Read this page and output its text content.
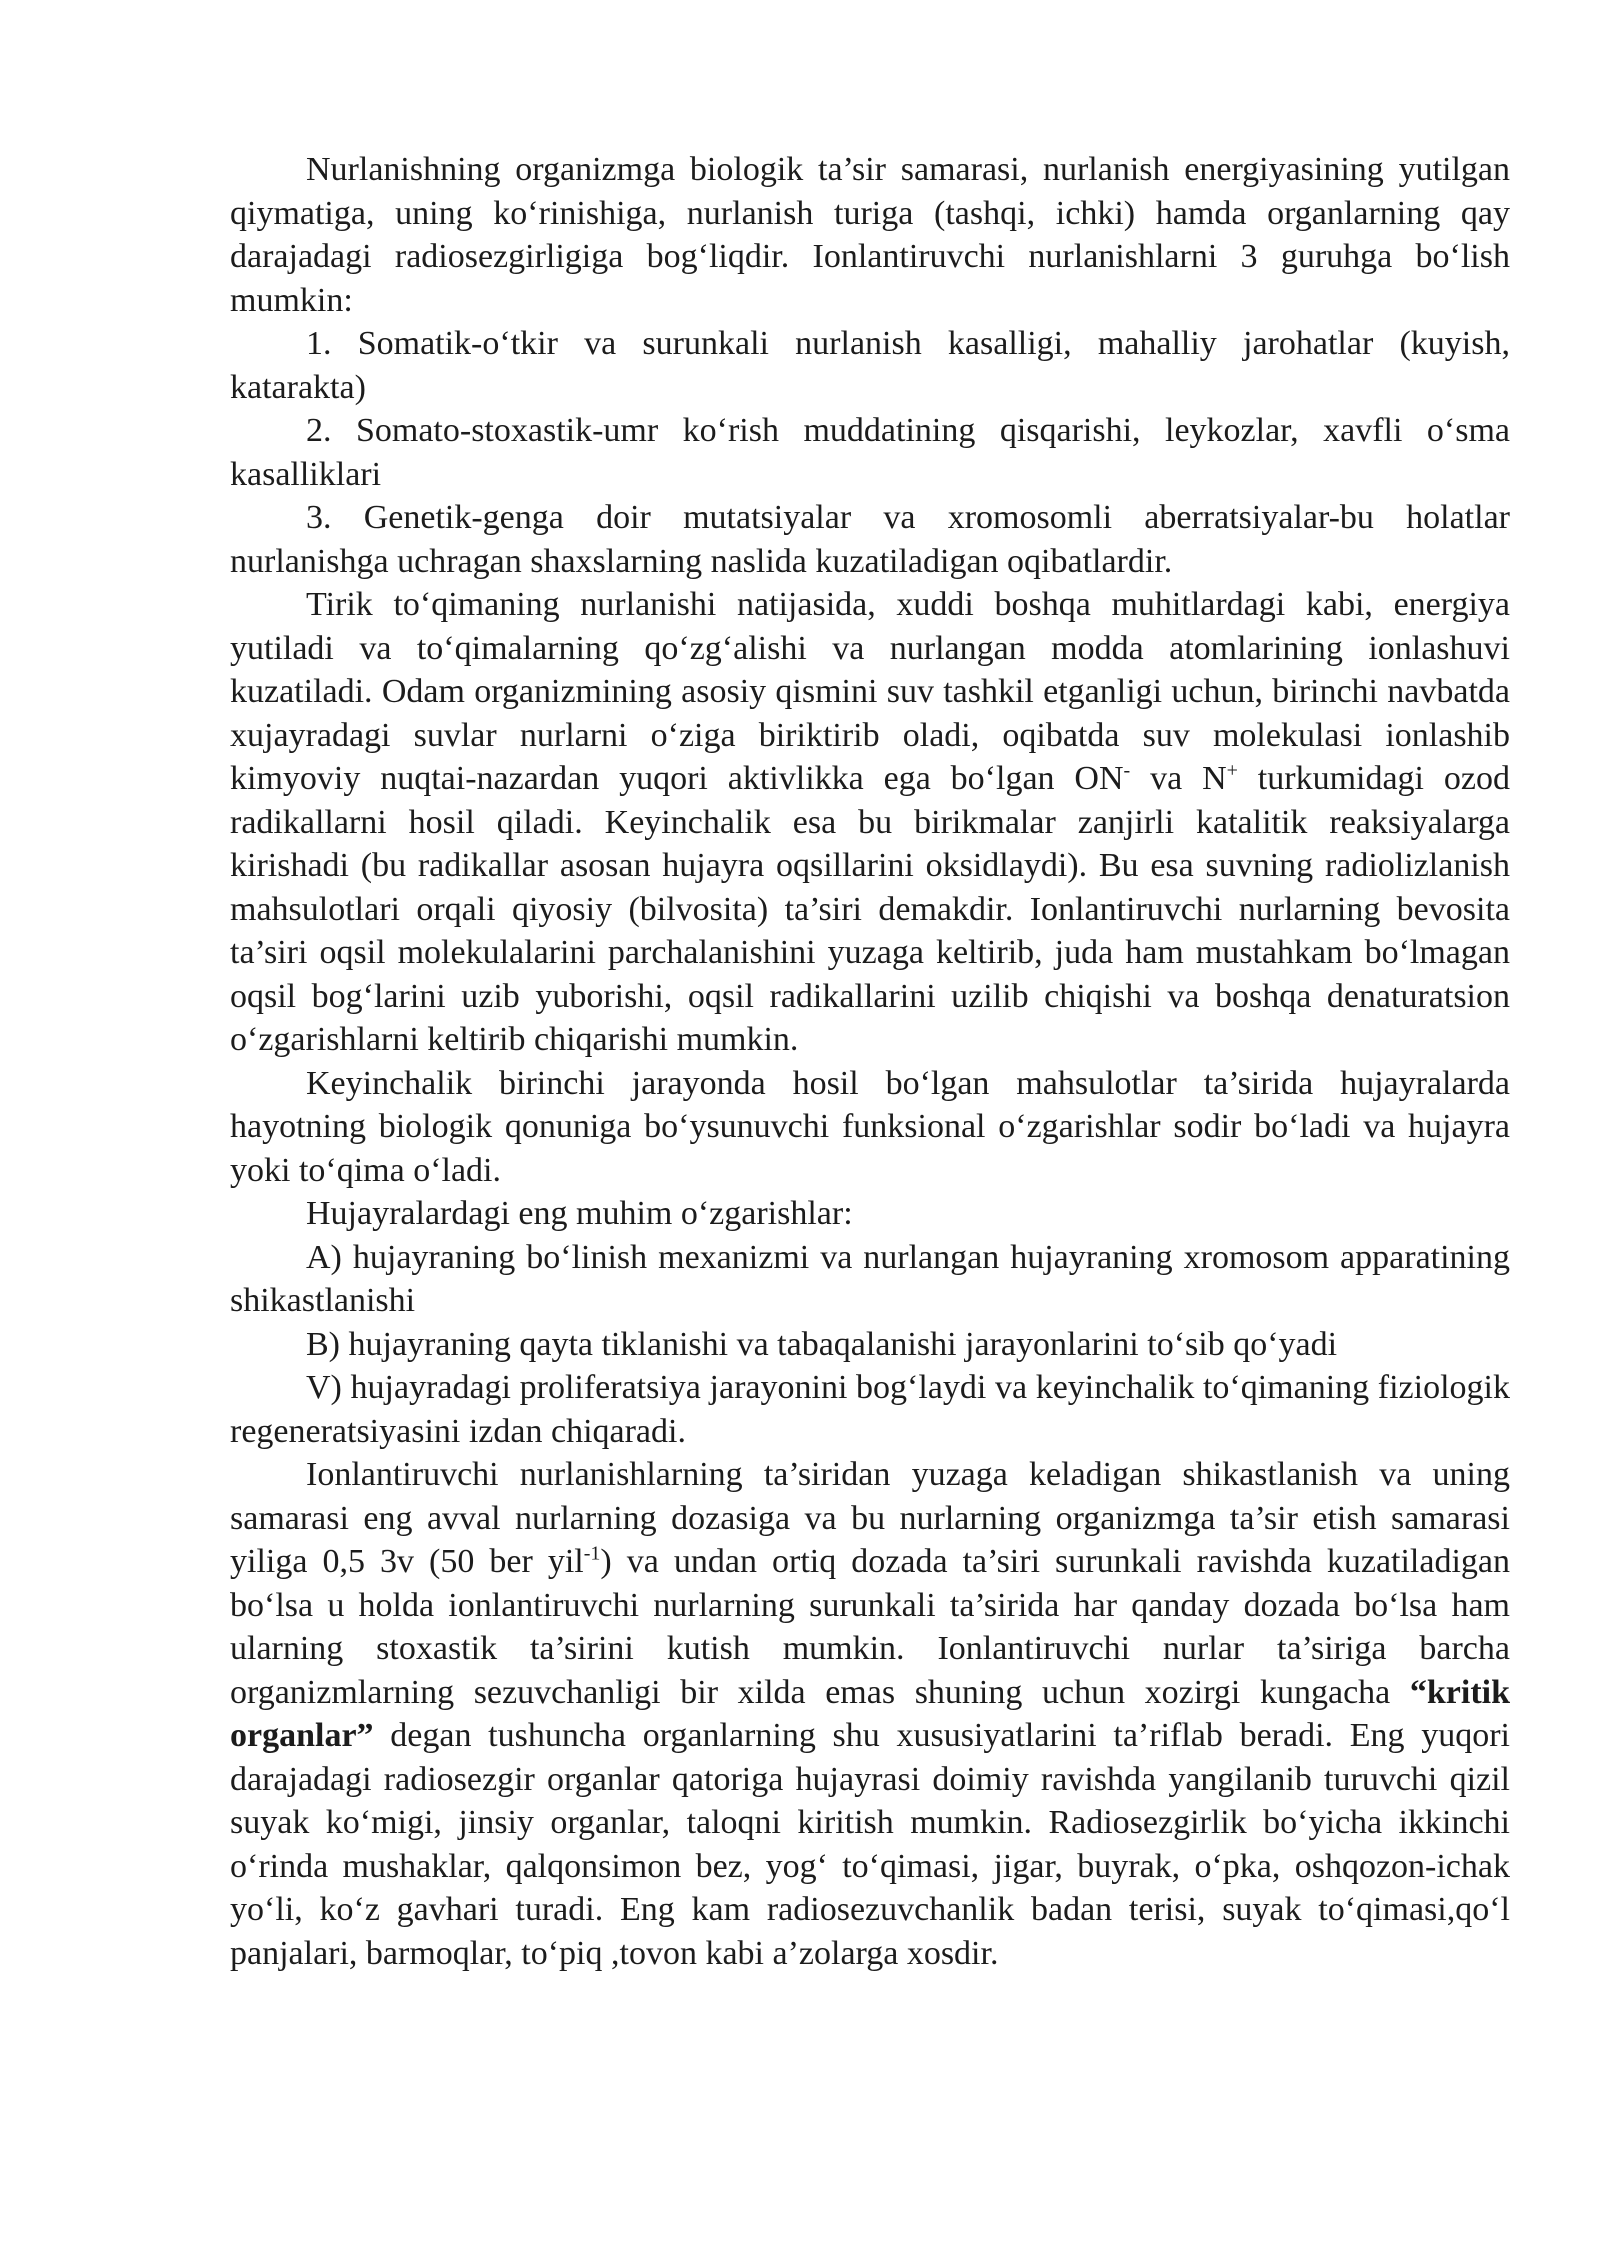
Nurlanishning organizmga biologik ta’sir samarasi, nurlanish energiyasining yutilgan qiymatiga, uning ko‘rinishiga, nurlanish turiga (tashqi, ichki) hamda organlarning qay darajadagi radiosezgirligiga bog‘liqdir. Ionlantiruvchi nurlanishlarni 3 guruhga bo‘lish mumkin:

1. Somatik-o‘tkir va surunkali nurlanish kasalligi, mahalliy jarohatlar (kuyish, katarakta)

2. Somato-stoxastik-umr ko‘rish muddatining qisqarishi, leykozlar, xavfli o‘sma kasalliklari

3. Genetik-genga doir mutatsiyalar va xromosomli aberratsiyalar-bu holatlar nurlanishga uchragan shaxslarning naslida kuzatiladigan oqibatlardir.

Tirik to‘qimaning nurlanishi natijasida, xuddi boshqa muhitlardagi kabi, energiya yutiladi va to‘qimalarning qo‘zg‘alishi va nurlangan modda atomlarining ionlashuvi kuzatiladi. Odam organizmining asosiy qismini suv tashkil etganligi uchun, birinchi navbatda xujayradagi suvlar nurlarni o‘ziga biriktirib oladi, oqibatda suv molekulasi ionlashib kimyoviy nuqtai-nazardan yuqori aktivlikka ega bo‘lgan ON- va N+ turkumidagi ozod radikallarni hosil qiladi. Keyinchalik esa bu birikmalar zanjirli katalitik reaksiyalarga kirishadi (bu radikallar asosan hujayra oqsillarini oksidlaydi). Bu esa suvning radiolizlanish mahsulotlari orqali qiyosiy (bilvosita) ta’siri demakdir. Ionlantiruvchi nurlarning bevosita ta’siri oqsil molekulalarini parchalanishini yuzaga keltirib, juda ham mustahkam bo‘lmagan oqsil bog‘larini uzib yuborishi, oqsil radikallarini uzilib chiqishi va boshqa denaturatsion o‘zgarishlarni keltirib chiqarishi mumkin.

Keyinchalik birinchi jarayonda hosil bo‘lgan mahsulotlar ta’sirida hujayralarda hayotning biologik qonuniga bo‘ysunuvchi funksional o‘zgarishlar sodir bo‘ladi va hujayra yoki to‘qima o‘ladi.

Hujayralardagi eng muhim o‘zgarishlar:

A) hujayraning bo‘linish mexanizmi va nurlangan hujayraning xromosom apparatining shikastlanishi

B) hujayraning qayta tiklanishi va tabaqalanishi jarayonlarini to‘sib qo‘yadi

V) hujayradagi proliferatsiya jarayonini bog‘laydi va keyinchalik to‘qimaning fiziologik regeneratsiyasini izdan chiqaradi.

Ionlantiruvchi nurlanishlarning ta’siridan yuzaga keladigan shikastlanish va uning samarasi eng avval nurlarning dozasiga va bu nurlarning organizmga ta’sir etish samarasi yiliga 0,5 3v (50 ber yil$^{-1}$) va undan ortiq dozada ta’siri surunkali ravishda kuzatiladigan bo‘lsa u holda ionlantiruvchi nurlarning surunkali ta’sirida har qanday dozada bo‘lsa ham ularning stoxastik ta’sirini kutish mumkin. Ionlantiruvchi nurlar ta’siriga barcha organizmlarning sezuvchanligi bir xilda emas shuning uchun xozirgi kungacha “kritik organlar” degan tushuncha organlarning shu xususiyatlarini ta’riflab beradi. Eng yuqori darajadagi radiosezgir organlar qatoriga hujayrasi doimiy ravishda yangilanib turuvchi qizil suyak ko‘migi, jinsiy organlar, taloqni kiritish mumkin. Radiosezgirlik bo‘yicha ikkinchi o‘rinda mushaklar, qalqonsimon bez, yog‘ to‘qimasi, jigar, buyrak, o‘pka, oshqozon-ichak yo‘li, ko‘z gavhari turadi. Eng kam radiosezuvchanlik badan terisi, suyak to‘qimasi,qo‘l panjalari, barmoqlar, to‘piq ,tovon kabi a’zolarga xosdir.
